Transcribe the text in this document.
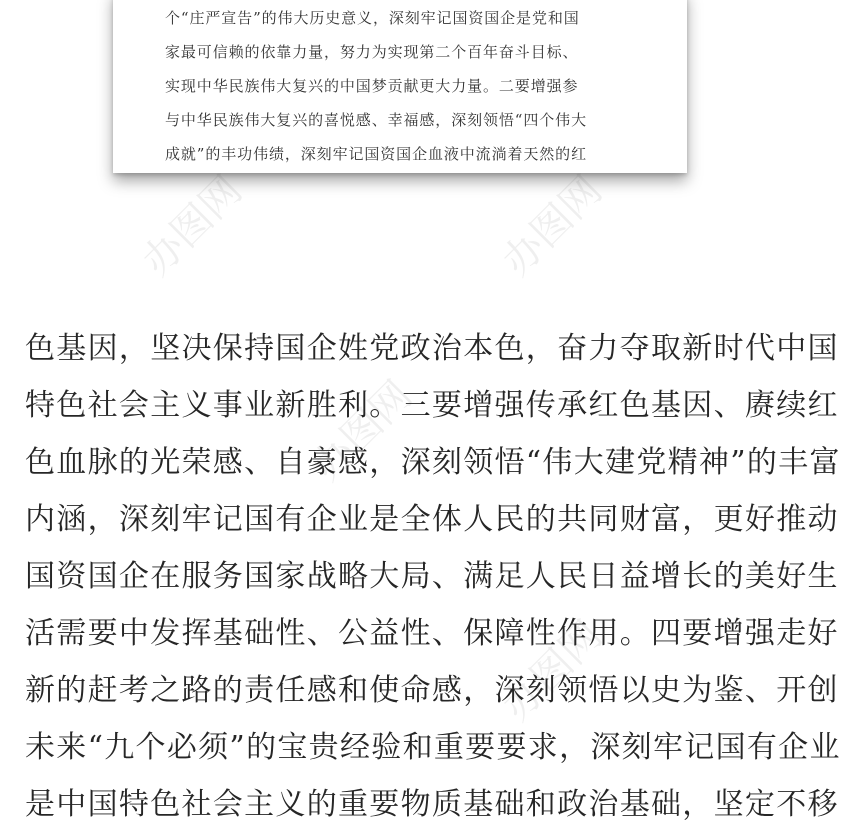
办图网	办图网
办图网
办图网
个“庄严宣告”的伟大历史意义，深刻牢记国资国企是党和国
家最可信赖的依靠力量，努力为实现第二个百年奋斗目标、
实现中华民族伟大复兴的中国梦贡献更大力量。二要增强参
与中华民族伟大复兴的喜悦感、幸福感，深刻领悟“四个伟大
成就”的丰功伟绩，深刻牢记国资国企血液中流淌着天然的红
色基因，坚决保持国企姓党政治本色，奋力夺取新时代中国
特色社会主义事业新胜利。三要增强传承红色基因、赓续红
色血脉的光荣感、自豪感，深刻领悟“伟大建党精神”的丰富
内涵，深刻牢记国有企业是全体人民的共同财富，更好推动
国资国企在服务国家战略大局、满足人民日益增长的美好生
活需要中发挥基础性、公益性、保障性作用。四要增强走好
新的赶考之路的责任感和使命感，深刻领悟以史为鉴、开创
未来“九个必须”的宝贵经验和重要要求，深刻牢记国有企业
是中国特色社会主义的重要物质基础和政治基础，坚定不移
